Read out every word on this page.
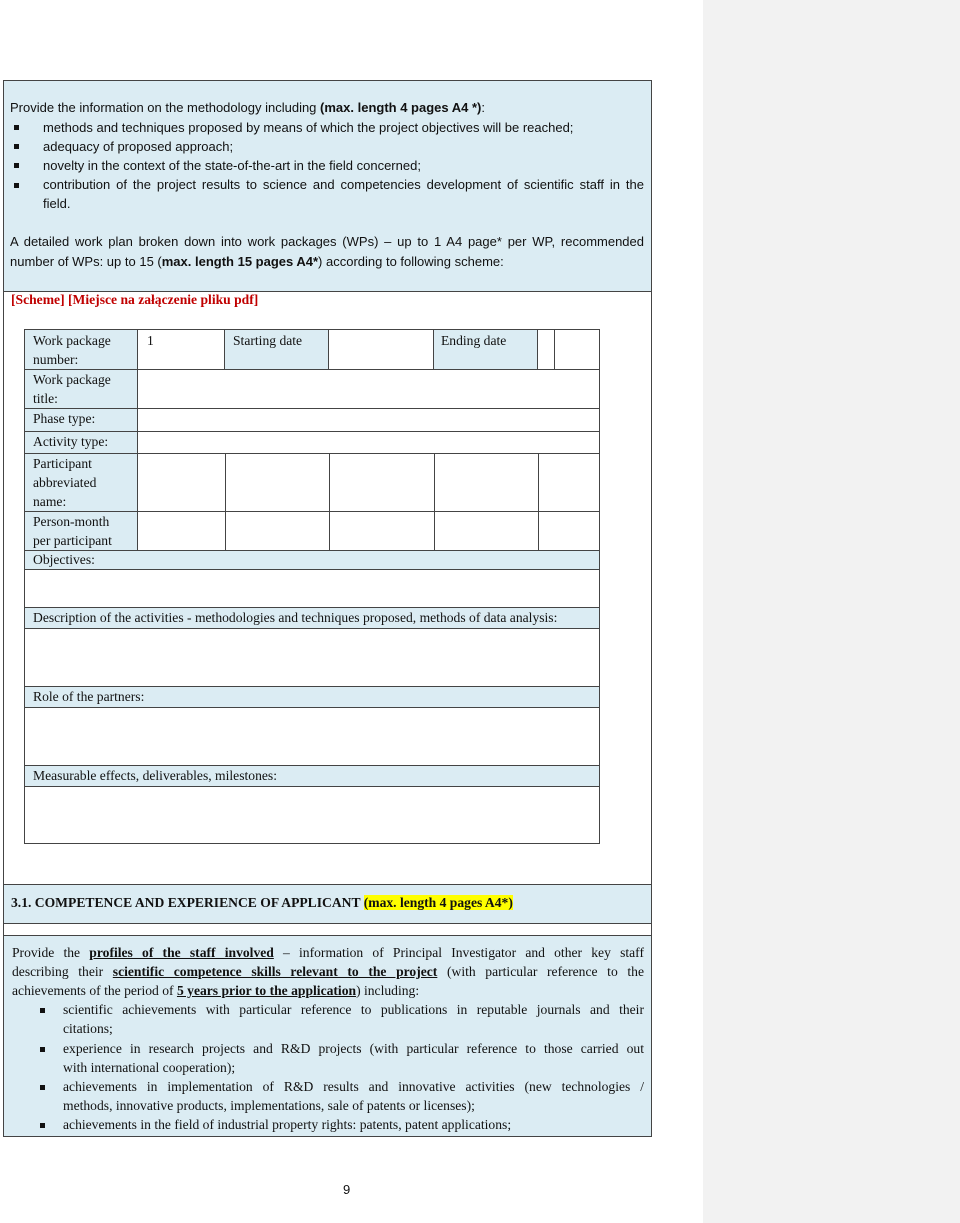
Provide the information on the methodology including (max. length 4 pages A4 *):
methods and techniques proposed by means of which the project objectives will be reached;
adequacy of proposed approach;
novelty in the context of the state-of-the-art in the field concerned;
contribution of the project results to science and competencies development of scientific staff in the
field.
A detailed work plan broken down into work packages (WPs) – up to 1 A4 page* per WP, recommended
number of WPs: up to 15 (max. length 15 pages A4*) according to following scheme:
[Scheme] [Miejsce na załączenie pliku pdf]
3.1. COMPETENCE AND EXPERIENCE OF APPLICANT (max. length 4 pages A4*)
Provide the profiles of the staff involved – information of Principal Investigator and other key staff
describing their scientific competence skills relevant to the project (with particular reference to the
achievements of the period of 5 years prior to the application) including:
scientific achievements with particular reference to publications in reputable journals and their
citations;
experience in research projects and R&D projects (with particular reference to those carried out
with international cooperation);
achievements in implementation of R&D results and innovative activities (new technologies /
methods, innovative products, implementations, sale of patents or licenses);
achievements in the field of industrial property rights: patents, patent applications;
Work package number:
1	Starting date	Ending date
Work package title:
Phase type:
Activity type:
Participant abbreviated name:
Person-month per participant
Objectives:
Description of the activities - methodologies and techniques proposed, methods of data analysis:
Role of the partners:
Measurable effects, deliverables, milestones:
9
